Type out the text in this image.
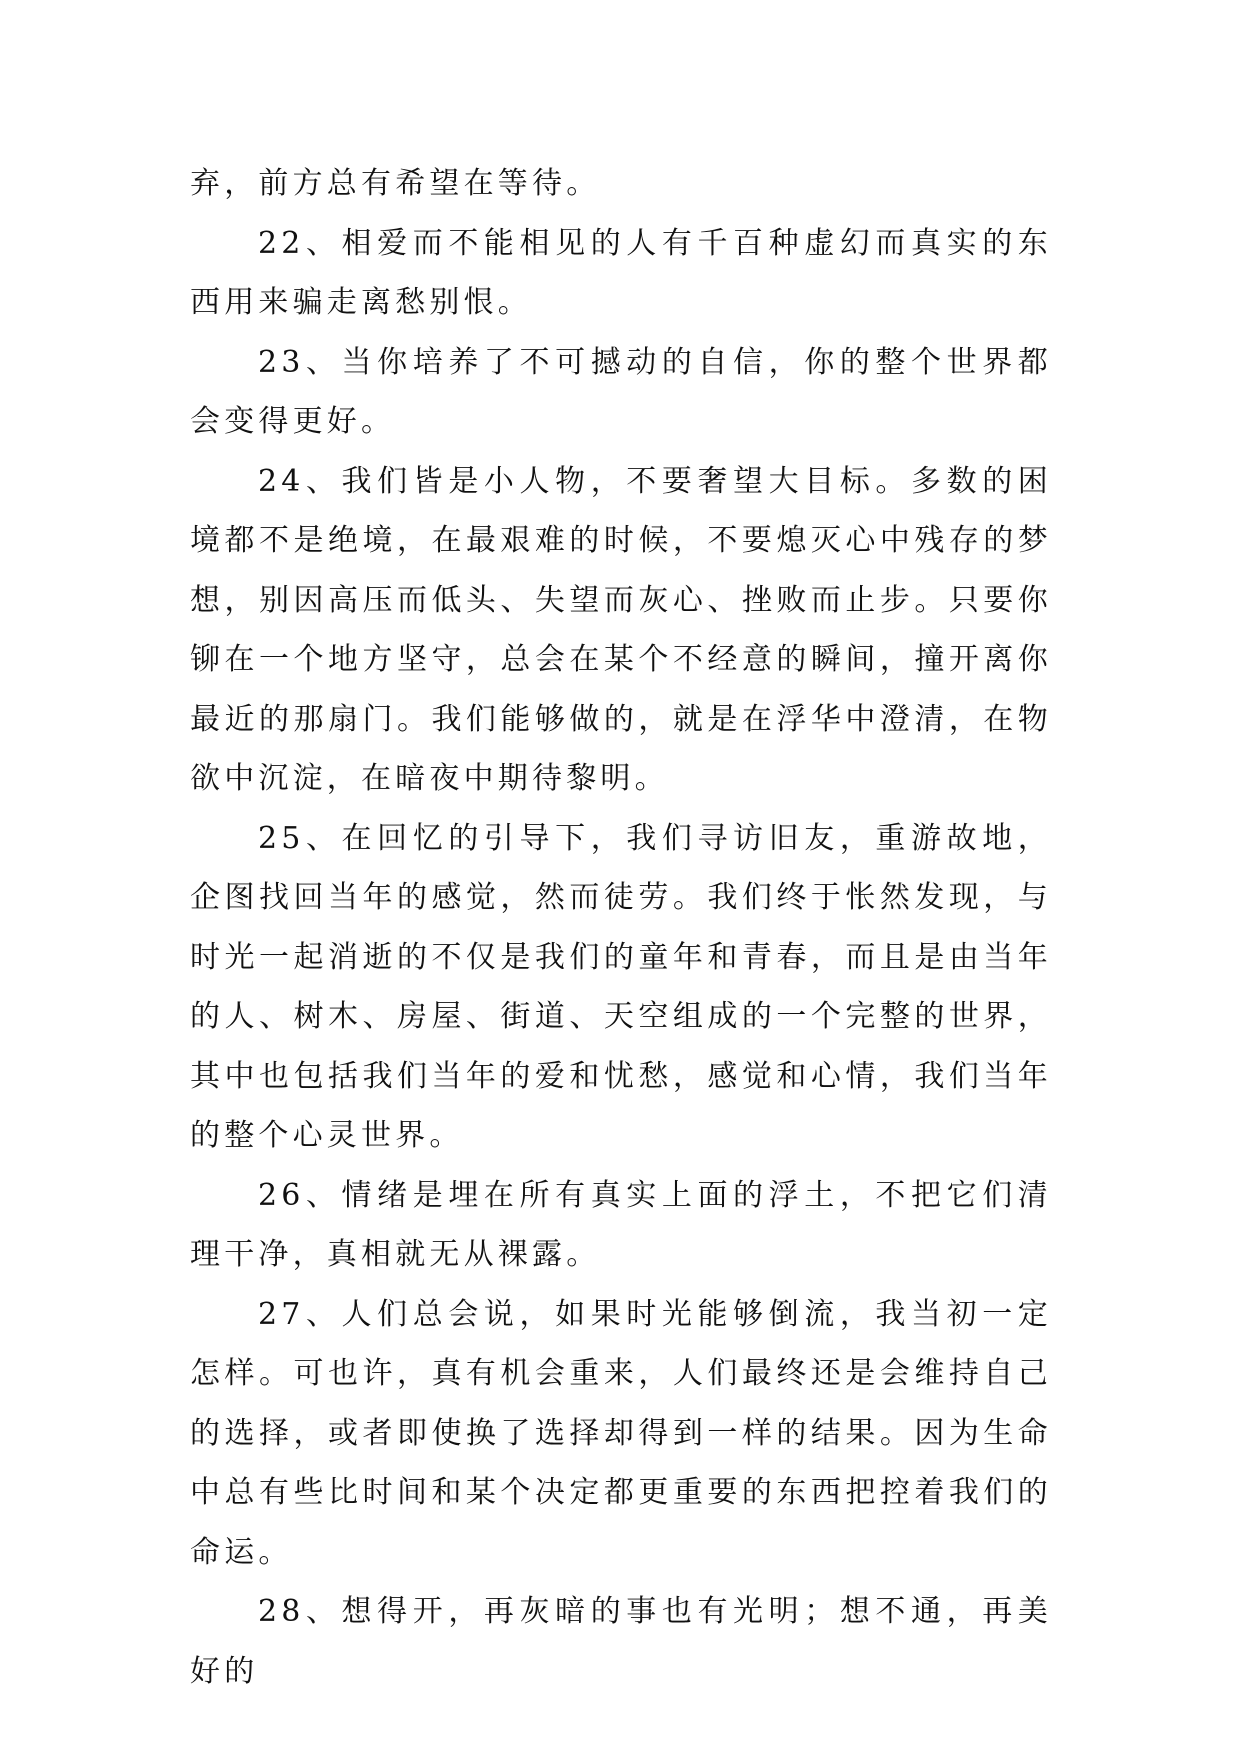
弃，前方总有希望在等待。

22、相爱而不能相见的人有千百种虚幻而真实的东西用来骗走离愁别恨。

23、当你培养了不可撼动的自信，你的整个世界都会变得更好。

24、我们皆是小人物，不要奢望大目标。多数的困境都不是绝境，在最艰难的时候，不要熄灭心中残存的梦想，别因高压而低头、失望而灰心、挫败而止步。只要你铆在一个地方坚守，总会在某个不经意的瞬间，撞开离你最近的那扇门。我们能够做的，就是在浮华中澄清，在物欲中沉淀，在暗夜中期待黎明。

25、在回忆的引导下，我们寻访旧友，重游故地，企图找回当年的感觉，然而徒劳。我们终于怅然发现，与时光一起消逝的不仅是我们的童年和青春，而且是由当年的人、树木、房屋、街道、天空组成的一个完整的世界，其中也包括我们当年的爱和忧愁，感觉和心情，我们当年的整个心灵世界。

26、情绪是埋在所有真实上面的浮土，不把它们清理干净，真相就无从裸露。

27、人们总会说，如果时光能够倒流，我当初一定怎样。可也许，真有机会重来，人们最终还是会维持自己的选择，或者即使换了选择却得到一样的结果。因为生命中总有些比时间和某个决定都更重要的东西把控着我们的命运。

28、想得开，再灰暗的事也有光明；想不通，再美好的
